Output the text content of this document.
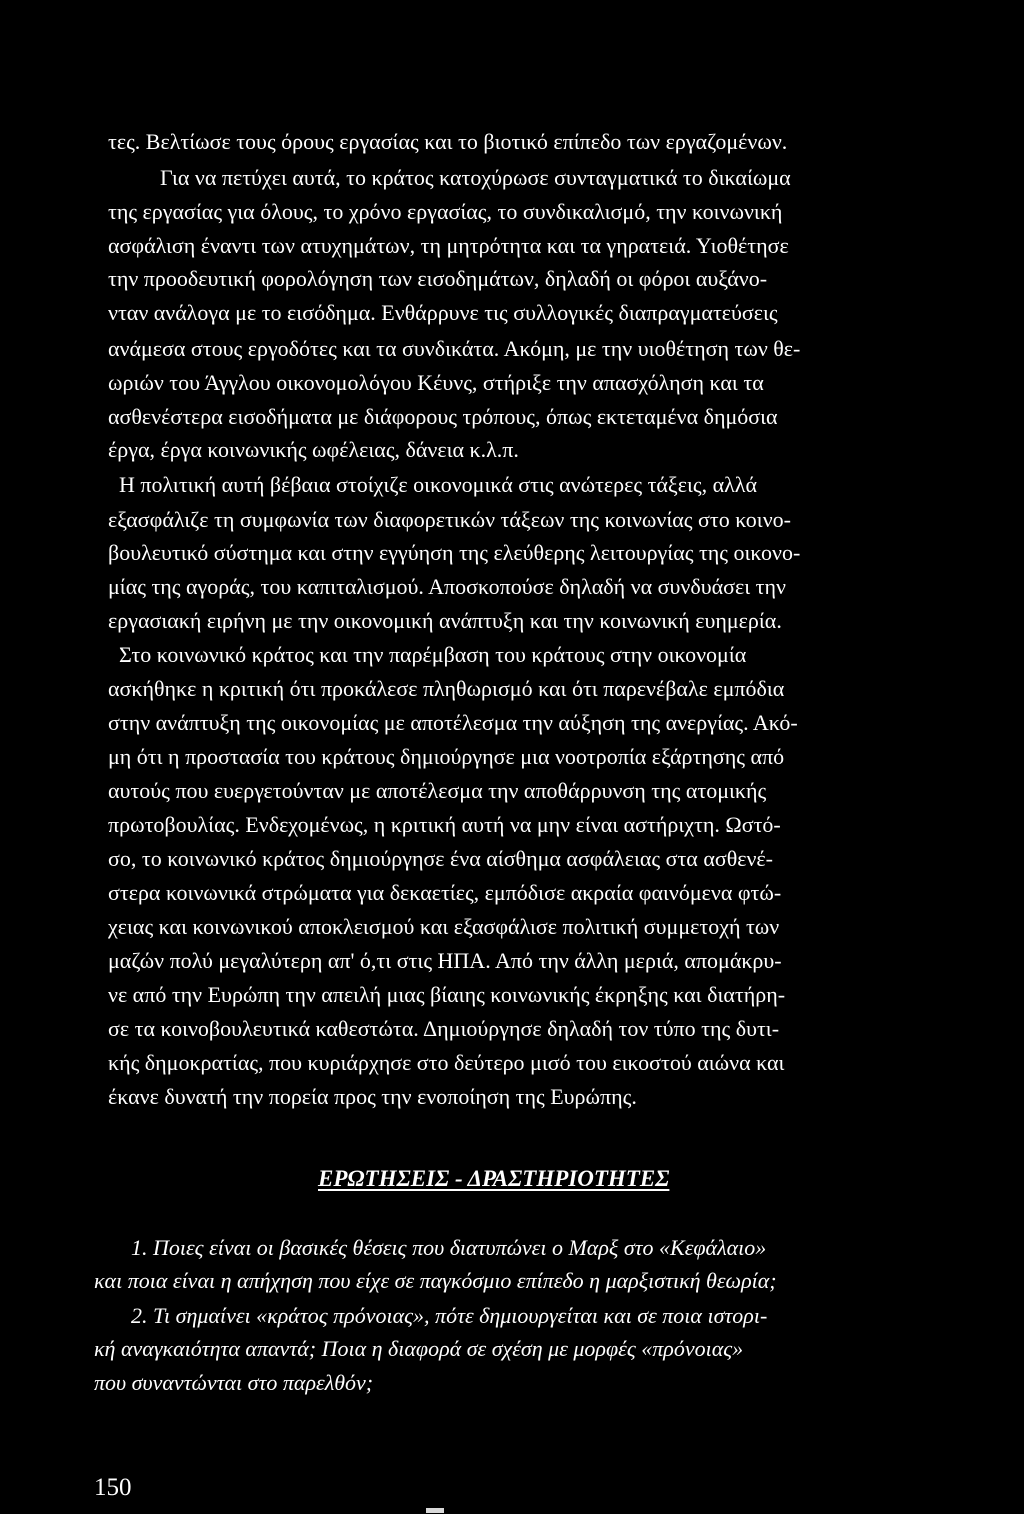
τες. Βελτίωσε τους όρους εργασίας και το βιοτικό επίπεδο των εργαζομένων.
Για να πετύχει αυτά, το κράτος κατοχύρωσε συνταγματικά το δικαίωμα
της εργασίας για όλους, το χρόνο εργασίας, το συνδικαλισμό, την κοινωνική
ασφάλιση έναντι των ατυχημάτων, τη μητρότητα και τα γηρατειά. Υιοθέτησε
την προοδευτική φορολόγηση των εισοδημάτων, δηλαδή οι φόροι αυξάνο-
νταν ανάλογα με το εισόδημα. Ενθάρρυνε τις συλλογικές διαπραγματεύσεις
ανάμεσα στους εργοδότες και τα συνδικάτα. Ακόμη, με την υιοθέτηση των θε-
ωριών του Άγγλου οικονομολόγου Κέυνς, στήριξε την απασχόληση και τα
ασθενέστερα εισοδήματα με διάφορους τρόπους, όπως εκτεταμένα δημόσια
έργα, έργα κοινωνικής ωφέλειας, δάνεια κ.λ.π.
Η πολιτική αυτή βέβαια στοίχιζε οικονομικά στις ανώτερες τάξεις, αλλά
εξασφάλιζε τη συμφωνία των διαφορετικών τάξεων της κοινωνίας στο κοινο-
βουλευτικό σύστημα και στην εγγύηση της ελεύθερης λειτουργίας της οικονο-
μίας της αγοράς, του καπιταλισμού. Αποσκοπούσε δηλαδή να συνδυάσει την
εργασιακή ειρήνη με την οικονομική ανάπτυξη και την κοινωνική ευημερία.
Στο κοινωνικό κράτος και την παρέμβαση του κράτους στην οικονομία
ασκήθηκε η κριτική ότι προκάλεσε πληθωρισμό και ότι παρενέβαλε εμπόδια
στην ανάπτυξη της οικονομίας με αποτέλεσμα την αύξηση της ανεργίας. Ακό-
μη ότι η προστασία του κράτους δημιούργησε μια νοοτροπία εξάρτησης από
αυτούς που ευεργετούνταν με αποτέλεσμα την αποθάρρυνση της ατομικής
πρωτοβουλίας. Ενδεχομένως, η κριτική αυτή να μην είναι αστήριχτη. Ωστό-
σο, το κοινωνικό κράτος δημιούργησε ένα αίσθημα ασφάλειας στα ασθενέ-
στερα κοινωνικά στρώματα για δεκαετίες, εμπόδισε ακραία φαινόμενα φτώ-
χειας και κοινωνικού αποκλεισμού και εξασφάλισε πολιτική συμμετοχή των
μαζών πολύ μεγαλύτερη απ' ό,τι στις ΗΠΑ. Από την άλλη μεριά, απομάκρυ-
νε από την Ευρώπη την απειλή μιας βίαιης κοινωνικής έκρηξης και διατήρη-
σε τα κοινοβουλευτικά καθεστώτα. Δημιούργησε δηλαδή τον τύπο της δυτι-
κής δημοκρατίας, που κυριάρχησε στο δεύτερο μισό του εικοστού αιώνα και
έκανε δυνατή την πορεία προς την ενοποίηση της Ευρώπης.
ΕΡΩΤΗΣΕΙΣ - ΔΡΑΣΤΗΡΙΟΤΗΤΕΣ
1. Ποιες είναι οι βασικές θέσεις που διατυπώνει ο Μαρξ στο «Κεφάλαιο»
και ποια είναι η απήχηση που είχε σε παγκόσμιο επίπεδο η μαρξιστική θεωρία;
2. Τι σημαίνει «κράτος πρόνοιας», πότε δημιουργείται και σε ποια ιστορι-
κή αναγκαιότητα απαντά; Ποια η διαφορά σε σχέση με μορφές «πρόνοιας»
που συναντώνται στο παρελθόν;
150
